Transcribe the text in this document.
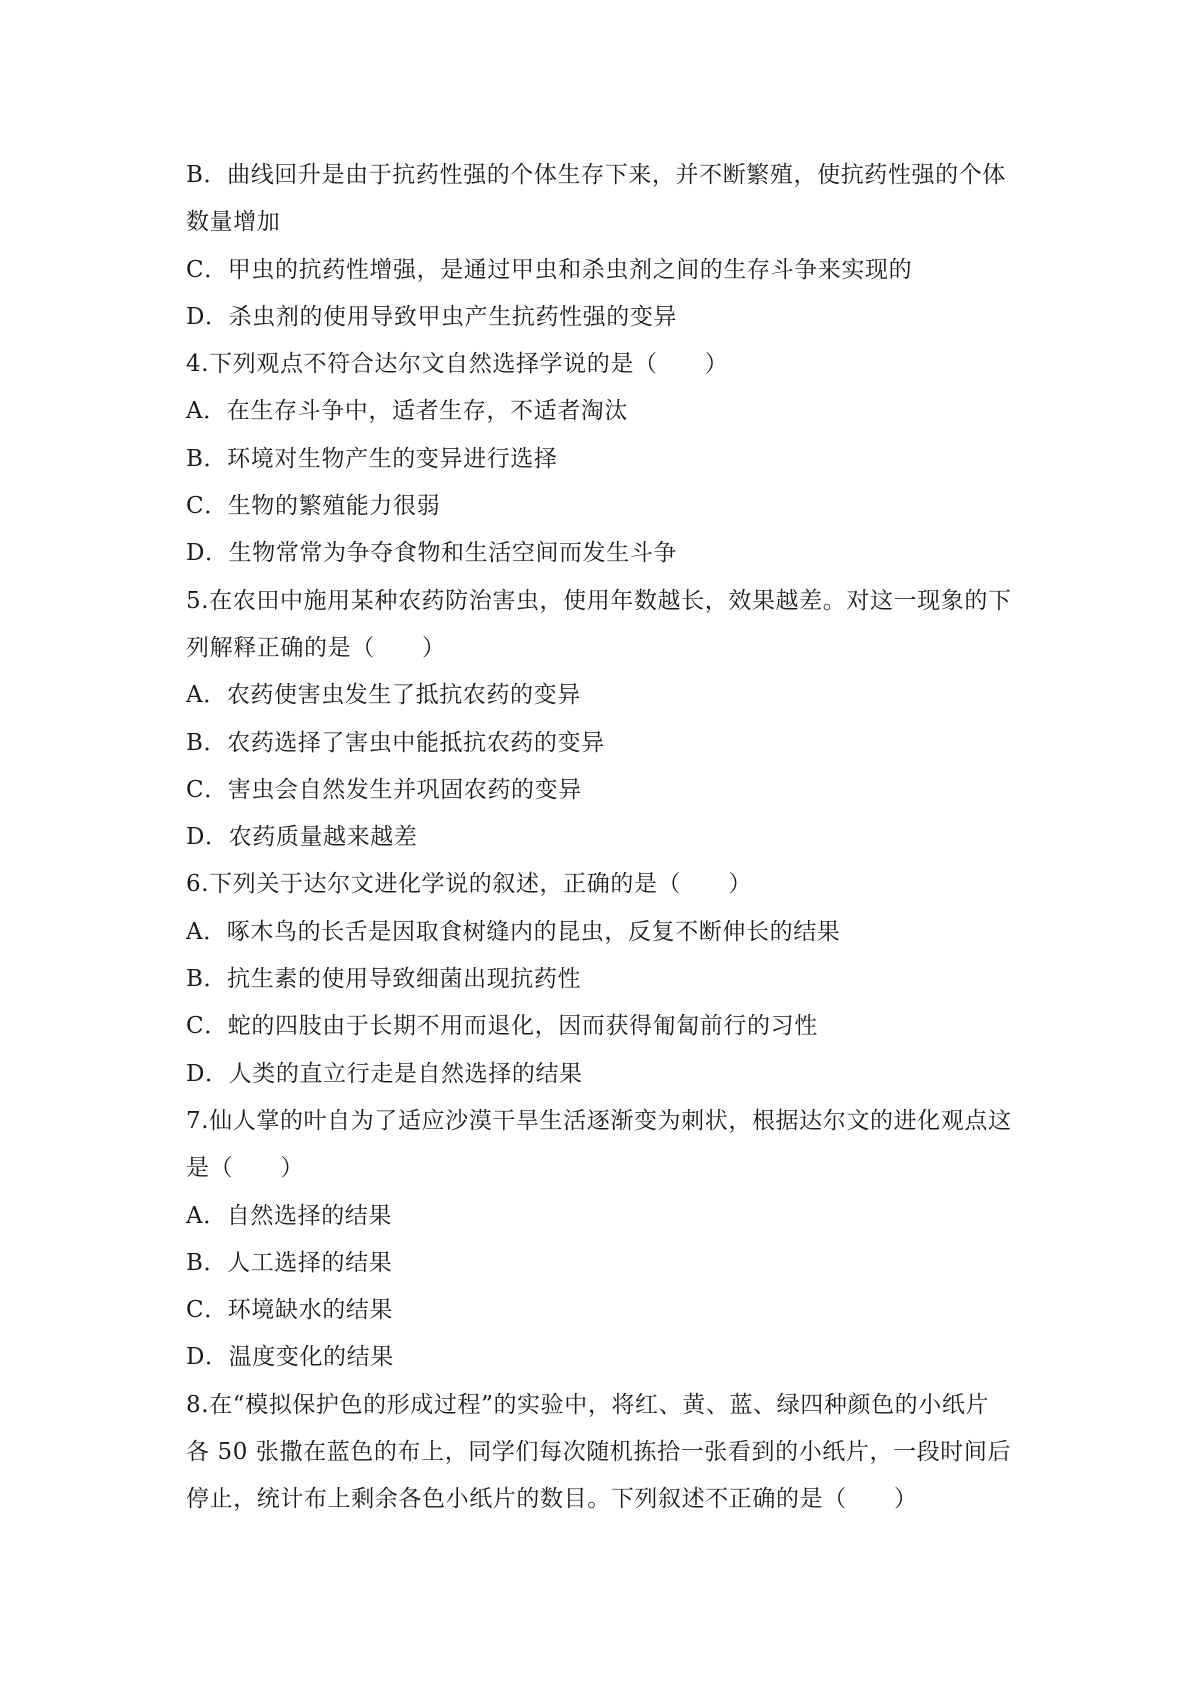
B．曲线回升是由于抗药性强的个体生存下来，并不断繁殖，使抗药性强的个体
数量增加
C．甲虫的抗药性增强，是通过甲虫和杀虫剂之间的生存斗争来实现的
D．杀虫剂的使用导致甲虫产生抗药性强的变异
4.下列观点不符合达尔文自然选择学说的是（　　）
A．在生存斗争中，适者生存，不适者淘汰
B．环境对生物产生的变异进行选择
C．生物的繁殖能力很弱
D．生物常常为争夺食物和生活空间而发生斗争
5.在农田中施用某种农药防治害虫，使用年数越长，效果越差。对这一现象的下
列解释正确的是（　　）
A．农药使害虫发生了抵抗农药的变异
B．农药选择了害虫中能抵抗农药的变异
C．害虫会自然发生并巩固农药的变异
D．农药质量越来越差
6.下列关于达尔文进化学说的叙述，正确的是（　　）
A．啄木鸟的长舌是因取食树缝内的昆虫，反复不断伸长的结果
B．抗生素的使用导致细菌出现抗药性
C．蛇的四肢由于长期不用而退化，因而获得匍匐前行的习性
D．人类的直立行走是自然选择的结果
7.仙人掌的叶自为了适应沙漠干旱生活逐渐变为刺状，根据达尔文的进化观点这
是（　　）
A．自然选择的结果
B．人工选择的结果
C．环境缺水的结果
D．温度变化的结果
8.在“模拟保护色的形成过程”的实验中，将红、黄、蓝、绿四种颜色的小纸片
各 50 张撒在蓝色的布上，同学们每次随机拣拾一张看到的小纸片，一段时间后
停止，统计布上剩余各色小纸片的数目。下列叙述不正确的是（　　）
